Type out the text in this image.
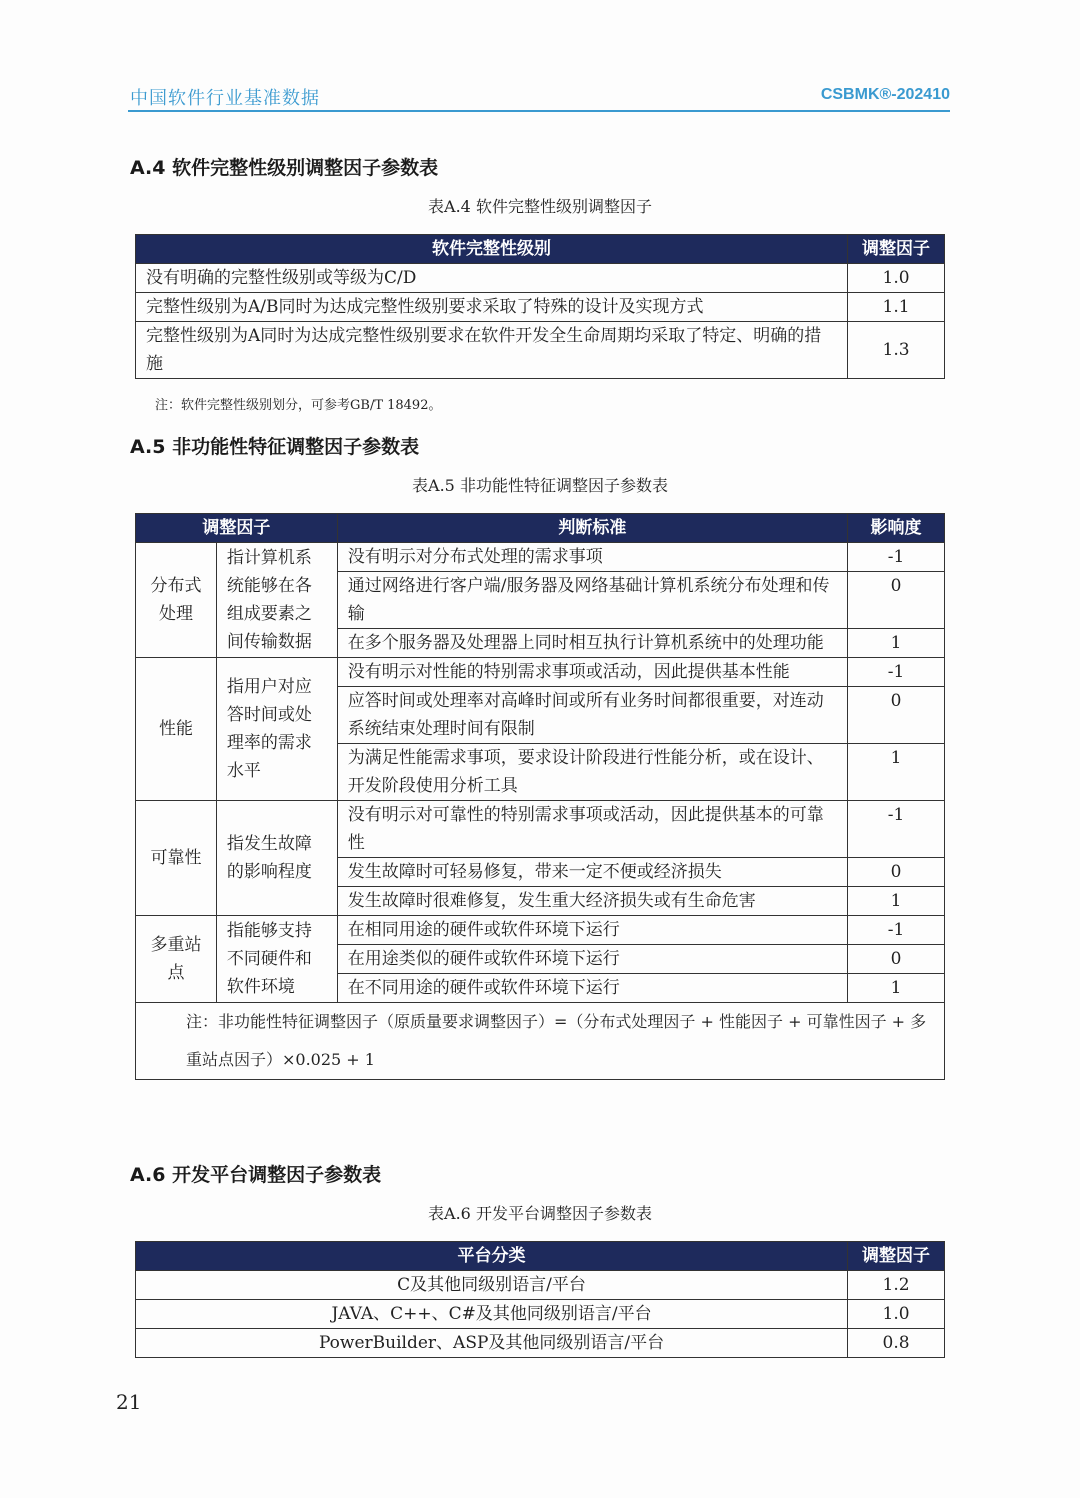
中国软件行业基准数据	CSBMK®-202410
A.4 软件完整性级别调整因子参数表
表A.4 软件完整性级别调整因子
软件完整性级别	调整因子
没有明确的完整性级别或等级为C/D	1.0
完整性级别为A/B同时为达成完整性级别要求采取了特殊的设计及实现方式	1.1
完整性级别为A同时为达成完整性级别要求在软件开发全生命周期均采取了特定、明确的措施	1.3
注：软件完整性级别划分，可参考GB/T 18492。
A.5 非功能性特征调整因子参数表
表A.5 非功能性特征调整因子参数表
调整因子		判断标准	影响度
分布式处理	指计算机系统能够在各组成要素之间传输数据	没有明示对分布式处理的需求事项	-1
		通过网络进行客户端/服务器及网络基础计算机系统分布处理和传输	0
		在多个服务器及处理器上同时相互执行计算机系统中的处理功能	1
性能	指用户对应答时间或处理率的需求水平	没有明示对性能的特别需求事项或活动，因此提供基本性能	-1
		应答时间或处理率对高峰时间或所有业务时间都很重要，对连动系统结束处理时间有限制	0
		为满足性能需求事项，要求设计阶段进行性能分析，或在设计、开发阶段使用分析工具	1
可靠性	指发生故障的影响程度	没有明示对可靠性的特别需求事项或活动，因此提供基本的可靠性	-1
		发生故障时可轻易修复，带来一定不便或经济损失	0
		发生故障时很难修复，发生重大经济损失或有生命危害	1
多重站点	指能够支持不同硬件和软件环境	在相同用途的硬件或软件环境下运行	-1
		在用途类似的硬件或软件环境下运行	0
		在不同用途的硬件或软件环境下运行	1
注：非功能性特征调整因子（原质量要求调整因子）=（分布式处理因子 + 性能因子 + 可靠性因子 + 多重站点因子）×0.025 + 1			
A.6 开发平台调整因子参数表
表A.6 开发平台调整因子参数表
平台分类	调整因子
C及其他同级别语言/平台	1.2
JAVA、C++、C#及其他同级别语言/平台	1.0
PowerBuilder、ASP及其他同级别语言/平台	0.8
21
